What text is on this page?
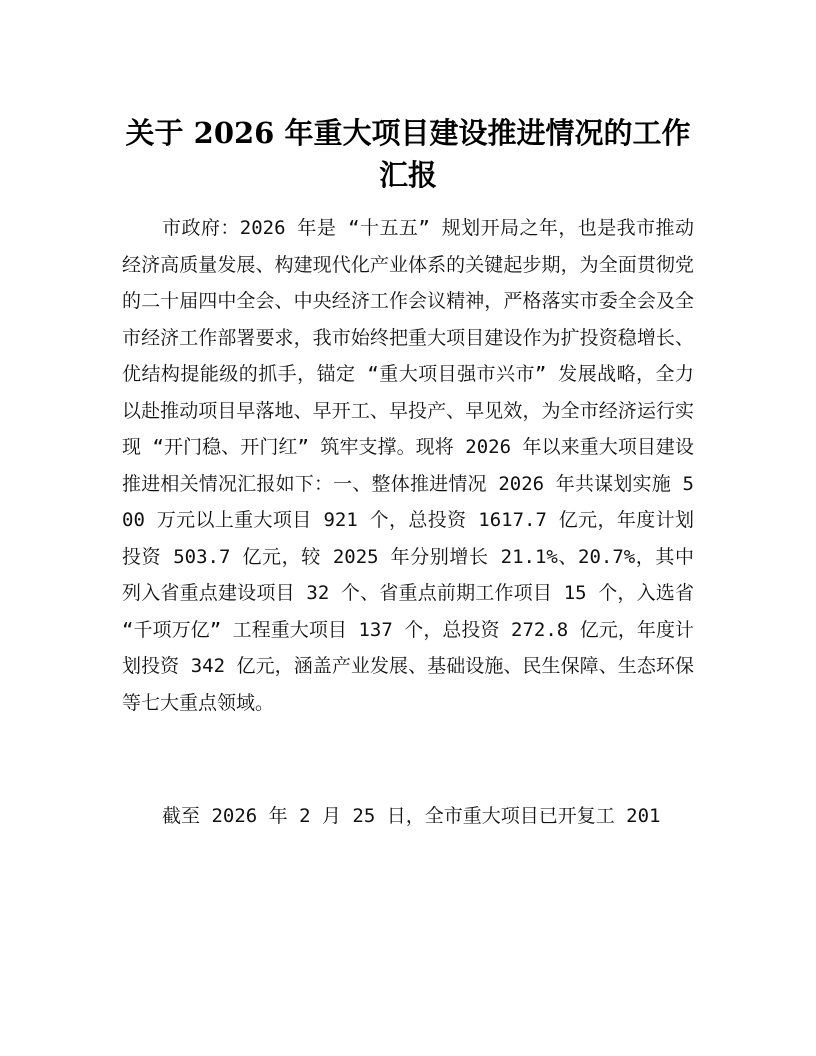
关于 2026 年重大项目建设推进情况的工作汇报

市政府：2026 年是 “十五五” 规划开局之年，也是我市推动经济高质量发展、构建现代化产业体系的关键起步期，为全面贯彻党的二十届四中全会、中央经济工作会议精神，严格落实市委全会及全市经济工作部署要求，我市始终把重大项目建设作为扩投资稳增长、优结构提能级的抓手，锚定 “重大项目强市兴市” 发展战略，全力以赴推动项目早落地、早开工、早投产、早见效，为全市经济运行实现 “开门稳、开门红” 筑牢支撑。现将 2026 年以来重大项目建设推进相关情况汇报如下：一、整体推进情况 2026 年共谋划实施 500 万元以上重大项目 921 个，总投资 1617.7 亿元，年度计划投资 503.7 亿元，较 2025 年分别增长 21.1%、20.7%，其中列入省重点建设项目 32 个、省重点前期工作项目 15 个，入选省 “千项万亿” 工程重大项目 137 个，总投资 272.8 亿元，年度计划投资 342 亿元，涵盖产业发展、基础设施、民生保障、生态环保等七大重点领域。

截至 2026 年 2 月 25 日，全市重大项目已开复工 201
